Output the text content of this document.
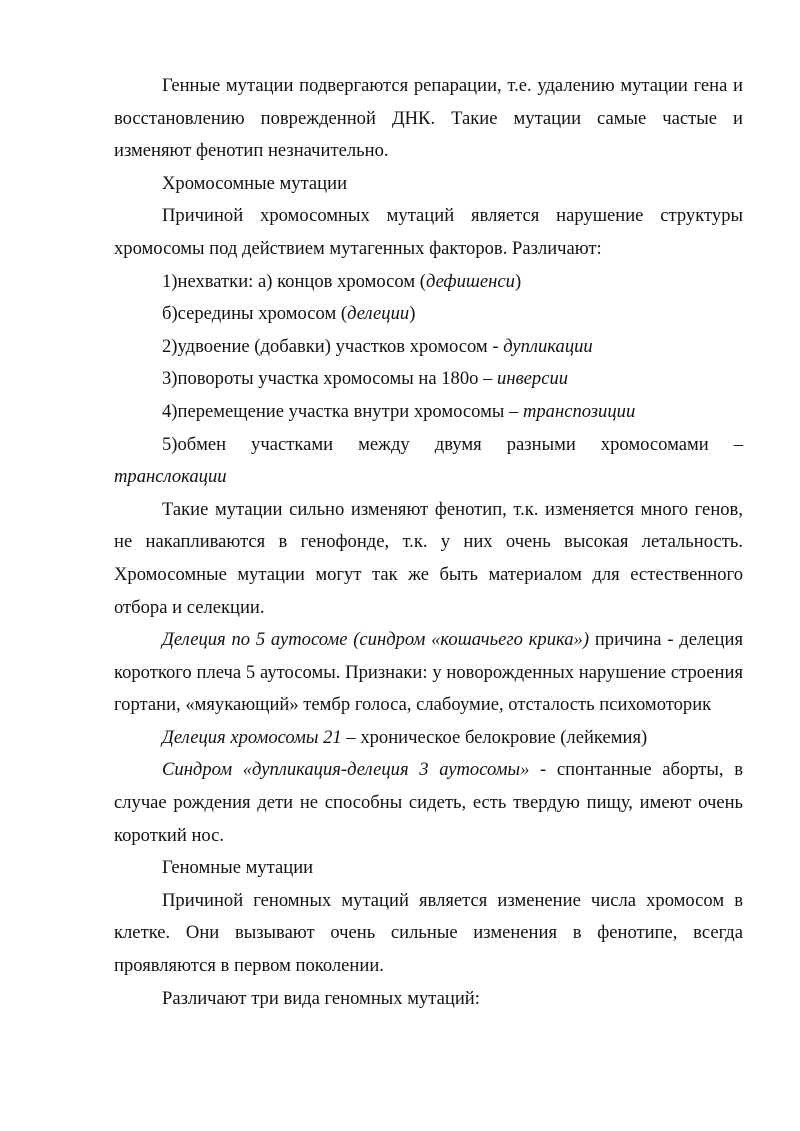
Генные мутации подвергаются репарации, т.е. удалению мутации гена и восстановлению поврежденной ДНК. Такие мутации самые частые и изменяют фенотип незначительно.

Хромосомные мутации

Причиной хромосомных мутаций является нарушение структуры хромосомы под действием мутагенных факторов. Различают:

1)нехватки: а) концов хромосом (дефишенси)

б)середины хромосом (делеции)

2)удвоение (добавки) участков хромосом - дупликации

3)повороты участка хромосомы на 180о – инверсии

4)перемещение участка внутри хромосомы – транспозиции

5)обмен участками между двумя разными хромосомами –

транслокации

Такие мутации сильно изменяют фенотип, т.к. изменяется много генов, не накапливаются в генофонде, т.к. у них очень высокая летальность. Хромосомные мутации могут так же быть материалом для естественного отбора и селекции.

Делеция по 5 аутосоме (синдром «кошачьего крика») причина - делеция короткого плеча 5 аутосомы. Признаки: у новорожденных нарушение строения гортани, «мяукающий» тембр голоса, слабоумие, отсталость психомоторик

Делеция хромосомы 21 – хроническое белокровие (лейкемия)

Синдром «дупликация-делеция 3 аутосомы» - спонтанные аборты, в случае рождения дети не способны сидеть, есть твердую пищу, имеют очень короткий нос.

Геномные мутации

Причиной геномных мутаций является изменение числа хромосом в клетке. Они вызывают очень сильные изменения в фенотипе, всегда проявляются в первом поколении.

Различают три вида геномных мутаций:
